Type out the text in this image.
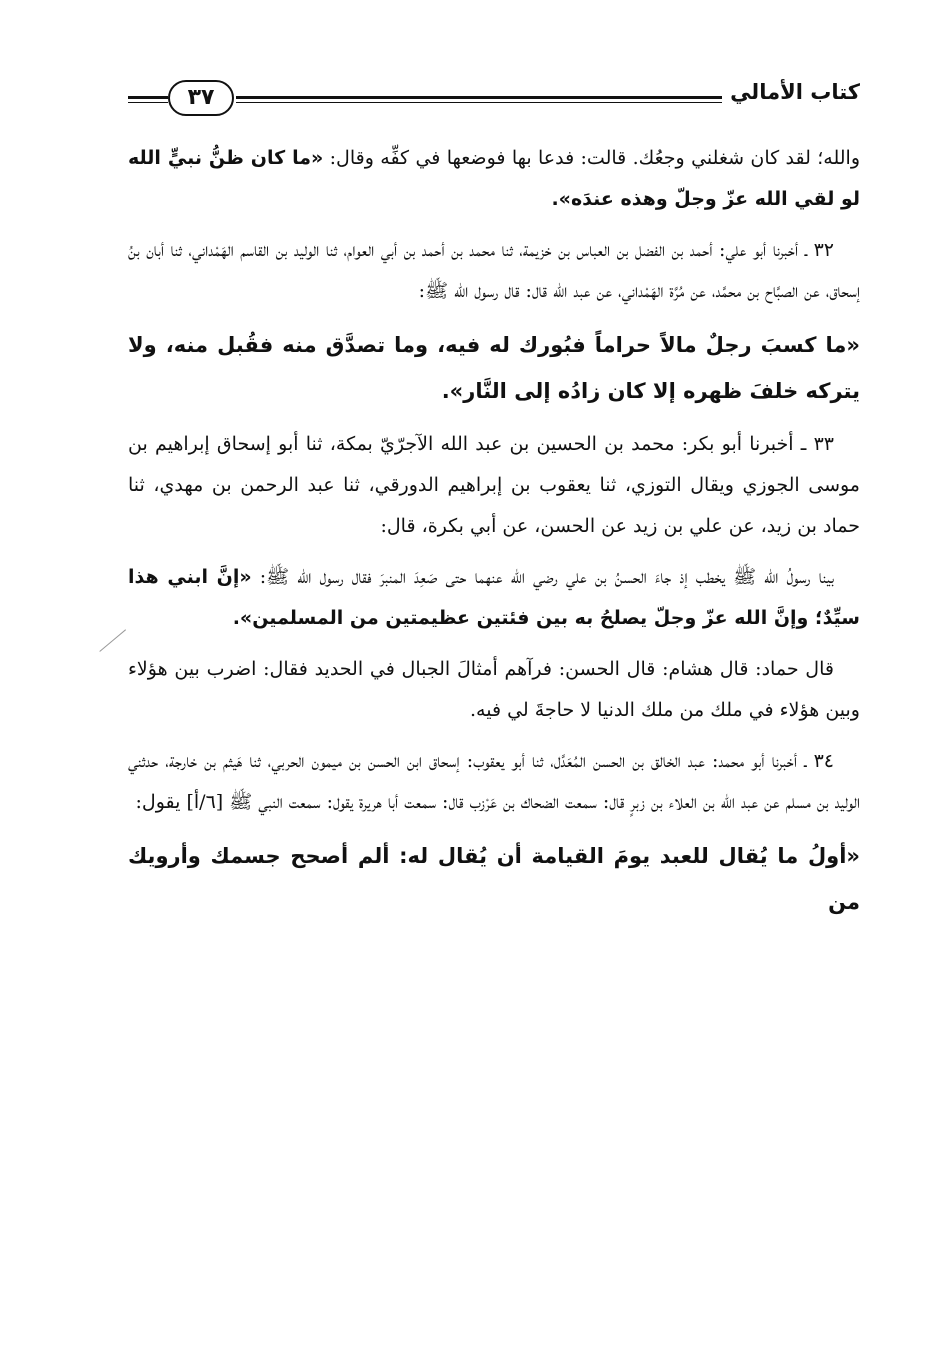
كتاب الأمالي
٣٧

والله؛ لقد كان شغلني وجعُك. قالت: فدعا بها فوضعها في كفِّه وقال: «ما كان ظنُّ نبيٍّ الله لو لقي الله عزّ وجلّ وهذه عندَه».

٣٢ ـ أخبرنا أبو علي: أحمد بن الفضل بن العباس بن خزيمة، ثنا محمد بن أحمد بن أبي العوام، ثنا الوليد بن القاسم الهَمْداني، ثنا أبان بنُ إسحاق، عن الصبَّاح بن محمَّد، عن مُرَّة الهَمْداني، عن عبد الله قال: قال رسول الله ﷺ:

«ما كسبَ رجلٌ مالاً حراماً فبُورك له فيه، وما تصدَّق منه فقُبل منه، ولا يتركه خلفَ ظهره إلا كان زادُه إلى النَّار».

٣٣ ـ أخبرنا أبو بكر: محمد بن الحسين بن عبد الله الآجرّيّ بمكة، ثنا أبو إسحاق إبراهيم بن موسى الجوزي ويقال التوزي، ثنا يعقوب بن إبراهيم الدورقي، ثنا عبد الرحمن بن مهدي، ثنا حماد بن زيد، عن علي بن زيد عن الحسن، عن أبي بكرة، قال:

بينا رسولُ الله ﷺ يخطب إذ جاءَ الحسنُ بن علي رضي الله عنهما حتى صَعِدَ المنبرَ فقال رسول الله ﷺ: «إنَّ ابني هذا سيِّدٌ؛ وإنَّ الله عزّ وجلّ يصلحُ به بين فئتين عظيمتين من المسلمين».

قال حماد: قال هشام: قال الحسن: فرآهم أمثالَ الجبال في الحديد فقال: اضرب بين هؤلاء وبين هؤلاء في ملك من ملك الدنيا لا حاجةَ لي فيه.

٣٤ ـ أخبرنا أبو محمد: عبد الخالق بن الحسن المُعَدَّل، ثنا أبو يعقوب: إسحاق ابن الحسن بن ميمون الحربي، ثنا هَيثم بن خارجة، حدثني الوليد بن مسلم عن عبد الله بن العلاء بن زبرٍ قال: سمعت الضحاك بن عَرْزب قال: سمعت أبا هريرة يقول: سمعت النبي ﷺ [٦/أ] يقول:

«أولُ ما يُقال للعبد يومَ القيامة أن يُقال له: ألم أصحح جسمك وأرويك من
